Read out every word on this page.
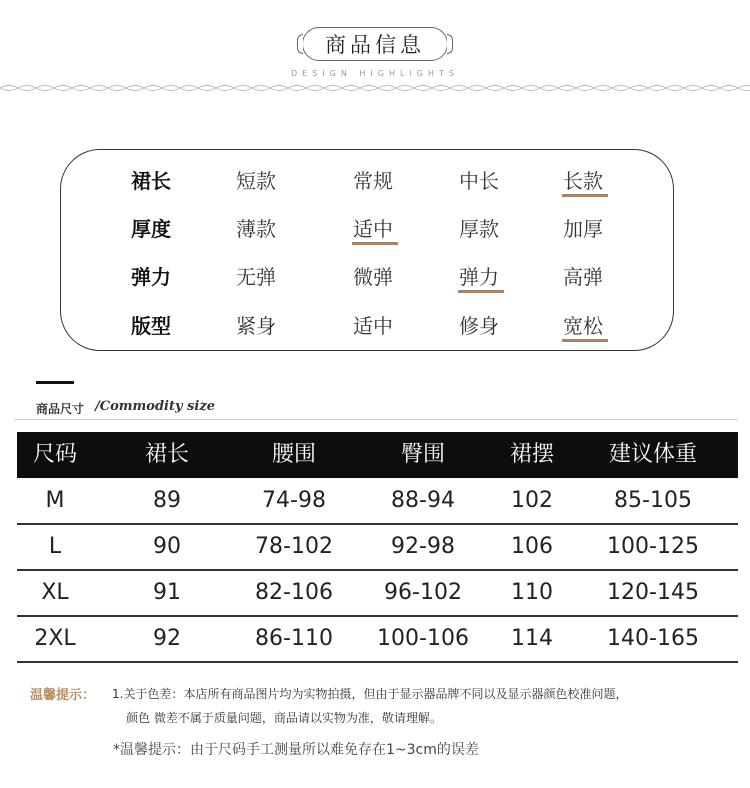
商品信息
DESIGN HIGHLIGHTS
裙长	短款	常规	中长	长款
厚度	薄款	适中	厚款	加厚
弹力	无弹	微弹	弹力	高弹
版型	紧身	适中	修身	宽松
商品尺寸 /Commodity size
尺码	裙长	腰围	臀围	裙摆	建议体重
M	89	74-98	88-94	102	85-105
L	90	78-102	92-98	106	100-125
XL	91	82-106	96-102	110	120-145
2XL	92	86-110	100-106	114	140-165
温馨提示： 1.关于色差：本店所有商品图片均为实物拍摄，但由于显示器品牌不同以及显示器颜色校准问题，
颜色 微差不属于质量问题，商品请以实物为准，敬请理解。
*温馨提示：由于尺码手工测量所以难免存在1~3cm的误差
